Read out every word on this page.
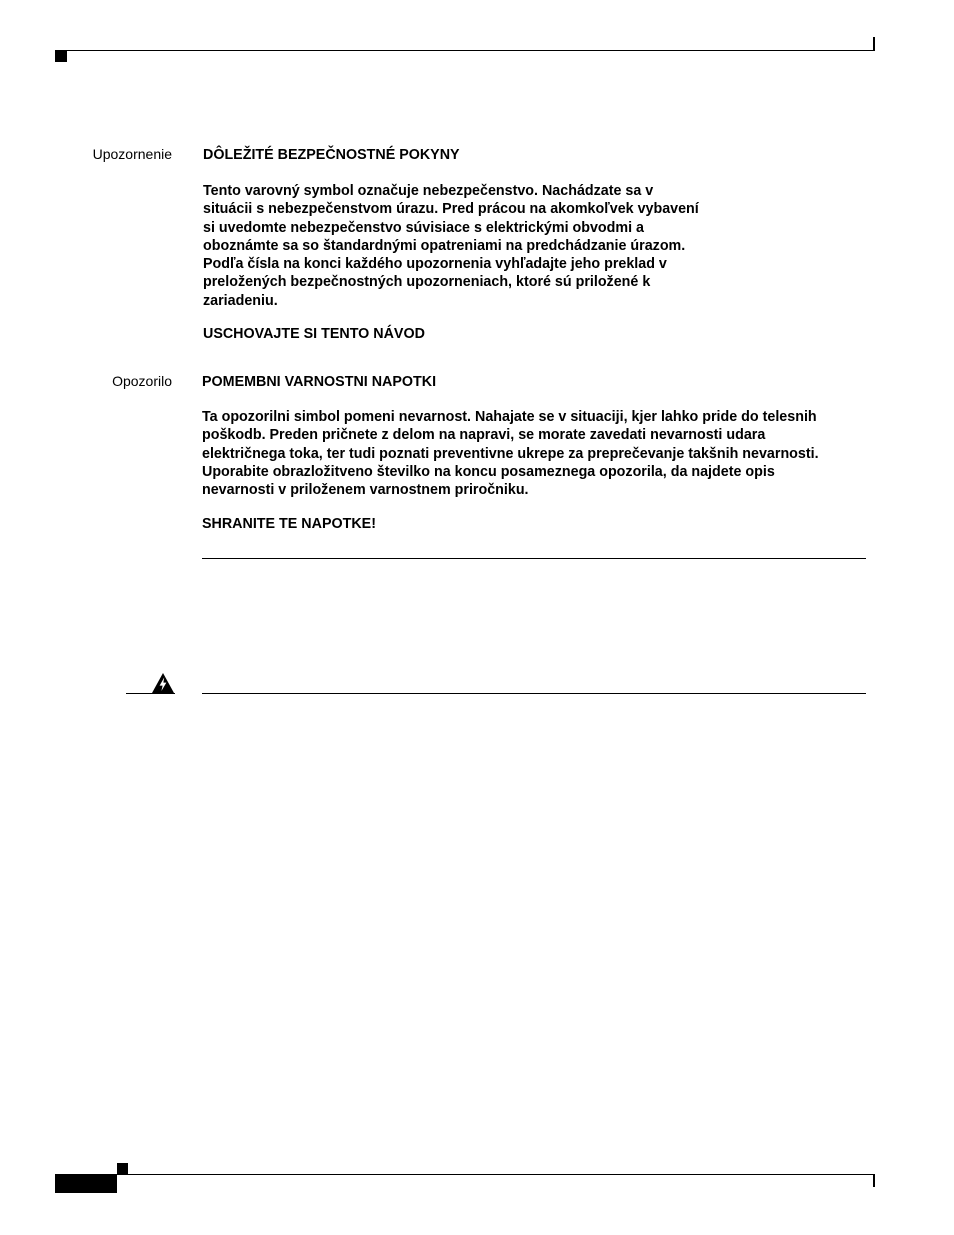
Upozornenie DÔLEŽITÉ BEZPEČNOSTNÉ POKYNY
Tento varovný symbol označuje nebezpečenstvo. Nachádzate sa v
situácii s nebezpečenstvom úrazu. Pred prácou na akomkoľvek vybavení
si uvedomte nebezpečenstvo súvisiace s elektrickými obvodmi a
oboznámte sa so štandardnými opatreniami na predchádzanie úrazom.
Podľa čísla na konci každého upozornenia vyhľadajte jeho preklad v
preložených bezpečnostných upozorneniach, ktoré sú priložené k
zariadeniu.
USCHOVAJTE SI TENTO NÁVOD
Opozorilo POMEMBNI VARNOSTNI NAPOTKI
Ta opozorilni simbol pomeni nevarnost. Nahajate se v situaciji, kjer lahko pride do telesnih
poškodb. Preden pričnete z delom na napravi, se morate zavedati nevarnosti udara
električnega toka, ter tudi poznati preventivne ukrepe za preprečevanje takšnih nevarnosti.
Uporabite obrazložitveno številko na koncu posameznega opozorila, da najdete opis
nevarnosti v priloženem varnostnem priročniku.
SHRANITE TE NAPOTKE!
